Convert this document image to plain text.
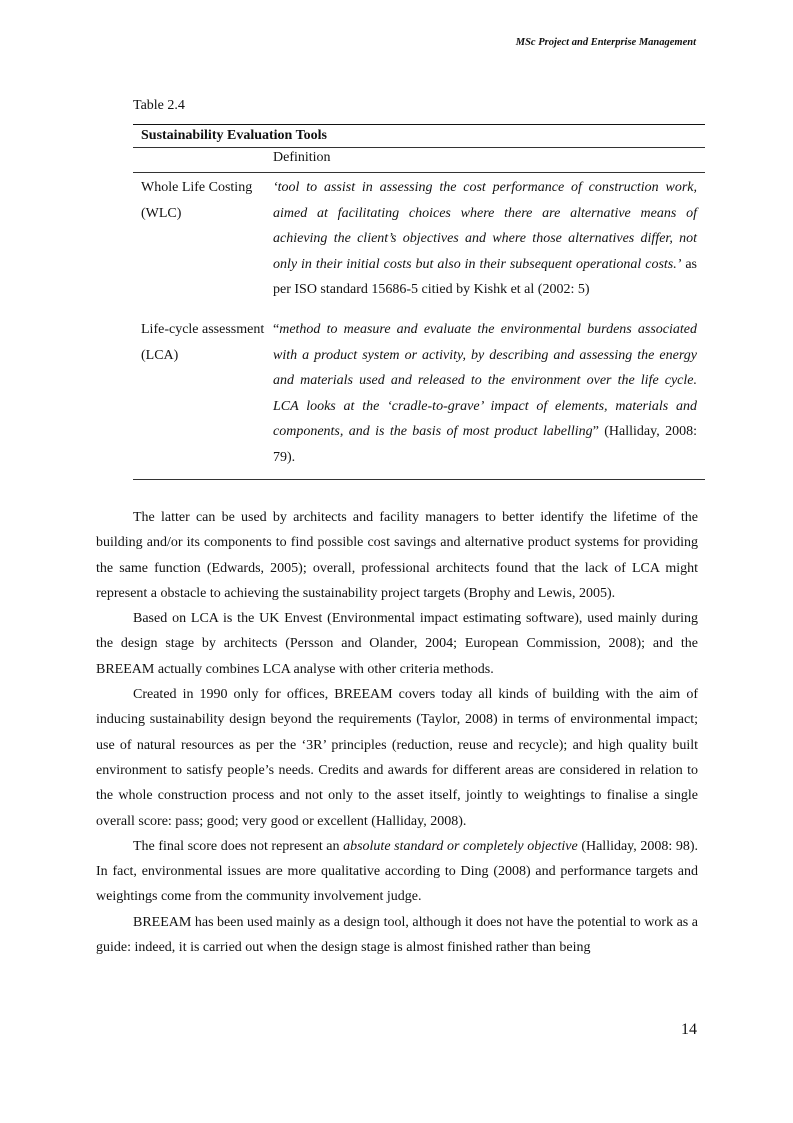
MSc Project and Enterprise Management
Table 2.4
Sustainability Evaluation Tools
Definition
Whole Life Costing (WLC)
‘tool to assist in assessing the cost performance of construction work, aimed at facilitating choices where there are alternative means of achieving the client’s objectives and where those alternatives differ, not only in their initial costs but also in their subsequent operational costs.’ as per ISO standard 15686-5 citied by Kishk et al (2002: 5)
Life-cycle assessment (LCA)
“method to measure and evaluate the environmental burdens associated with a product system or activity, by describing and assessing the energy and materials used and released to the environment over the life cycle. LCA looks at the ‘cradle-to-grave’ impact of elements, materials and components, and is the basis of most product labelling” (Halliday, 2008: 79).

The latter can be used by architects and facility managers to better identify the lifetime of the building and/or its components to find possible cost savings and alternative product systems for providing the same function (Edwards, 2005); overall, professional architects found that the lack of LCA might represent a obstacle to achieving the sustainability project targets (Brophy and Lewis, 2005).

Based on LCA is the UK Envest (Environmental impact estimating software), used mainly during the design stage by architects (Persson and Olander, 2004; European Commission, 2008); and the BREEAM actually combines LCA analyse with other criteria methods.

Created in 1990 only for offices, BREEAM covers today all kinds of building with the aim of inducing sustainability design beyond the requirements (Taylor, 2008) in terms of environmental impact; use of natural resources as per the ‘3R’ principles (reduction, reuse and recycle); and high quality built environment to satisfy people’s needs. Credits and awards for different areas are considered in relation to the whole construction process and not only to the asset itself, jointly to weightings to finalise a single overall score: pass; good; very good or excellent (Halliday, 2008).

The final score does not represent an absolute standard or completely objective (Halliday, 2008: 98). In fact, environmental issues are more qualitative according to Ding (2008) and performance targets and weightings come from the community involvement judge.

BREEAM has been used mainly as a design tool, although it does not have the potential to work as a guide: indeed, it is carried out when the design stage is almost finished rather than being

14
